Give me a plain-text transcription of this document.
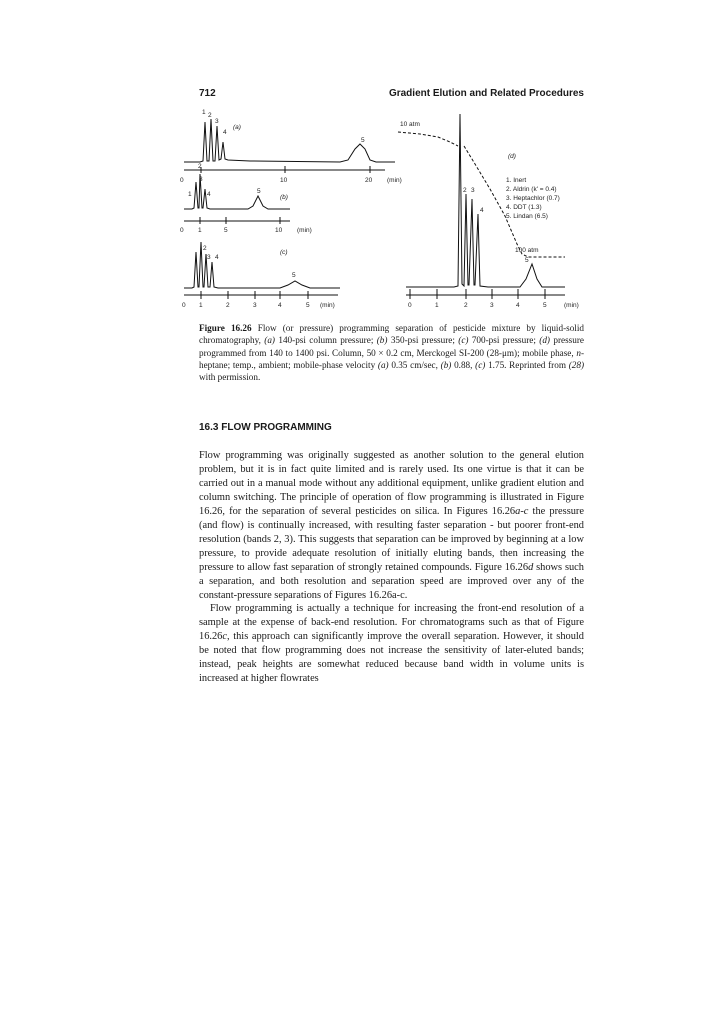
712	Gradient Elution and Related Procedures
(a)
1 2
3
4
5
0
2
10	20 (min)
(b)
1
3
4	5
0 1	5	10 (min)
(c)
2
3 4
5
0 1	2	3	4	5 (min)
10 atm
(d)
100 atm
2 3
4
5
0	1	2	3	4	5	(min)
1. Inert
2. Aldrin (k' = 0.4)
3. Heptachlor (0.7)
4. DDT (1.3)
5. Lindan (6.5)
Figure 16.26 Flow (or pressure) programming separation of pesticide mixture by liquid-solid chromatography, (a) 140-psi column pressure; (b) 350-psi pressure; (c) 700-psi pressure; (d) pressure programmed from 140 to 1400 psi. Column, 50 × 0.2 cm, Merckogel SI-200 (28-μm); mobile phase, n-heptane; temp., ambient; mobile-phase velocity (a) 0.35 cm/sec, (b) 0.88, (c) 1.75. Reprinted from (28) with permission.
16.3 FLOW PROGRAMMING

Flow programming was originally suggested as another solution to the general elution problem, but it is in fact quite limited and is rarely used. Its one virtue is that it can be carried out in a manual mode without any additional equipment, unlike gradient elution and column switching. The principle of operation of flow programming is illustrated in Figure 16.26, for the separation of several pesticides on silica. In Figures 16.26a-c the pressure (and flow) is continually increased, with resulting faster separation - but poorer front-end resolution (bands 2, 3). This suggests that separation can be improved by beginning at a low pressure, to provide adequate resolution of initially eluting bands, then increasing the pressure to allow fast separation of strongly retained compounds. Figure 16.26d shows such a separation, and both resolution and separation speed are improved over any of the constant-pressure separations of Figures 16.26a-c.

Flow programming is actually a technique for increasing the front-end resolution of a sample at the expense of back-end resolution. For chromatograms such as that of Figure 16.26c, this approach can significantly improve the overall separation. However, it should be noted that flow programming does not increase the sensitivity of later-eluted bands; instead, peak heights are somewhat reduced because band width in volume units is increased at higher flowrates
